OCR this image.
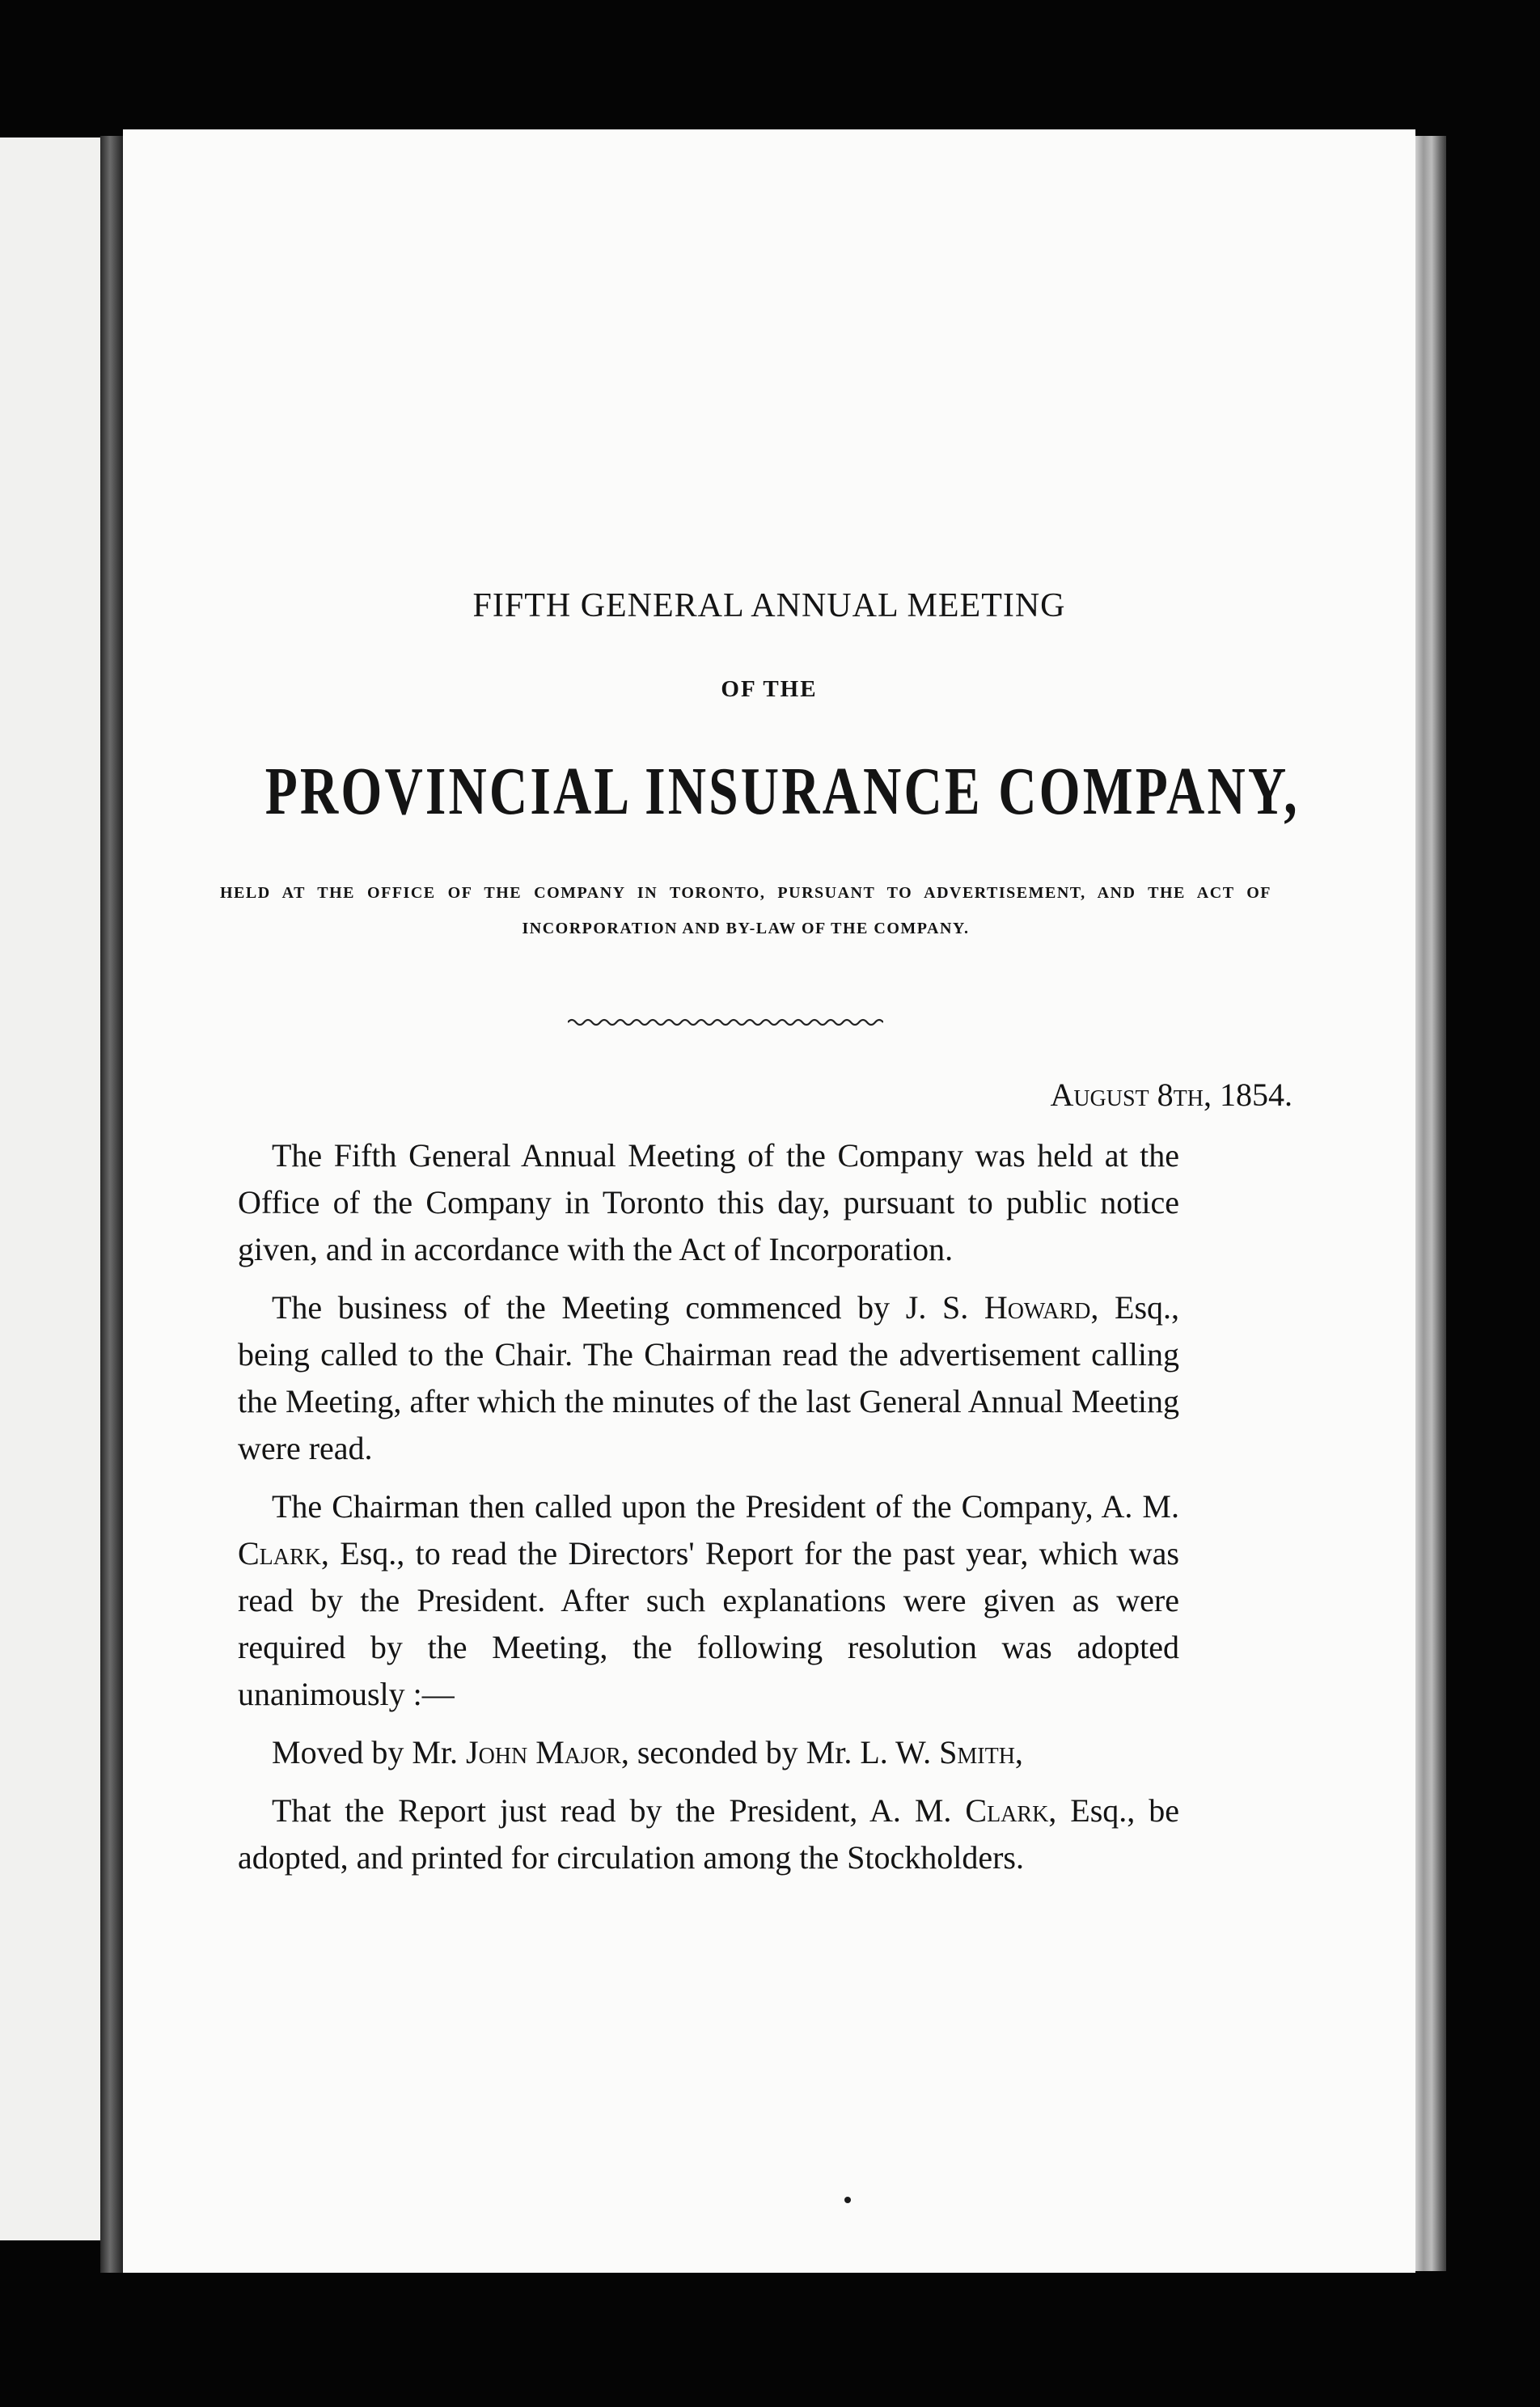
FIFTH GENERAL ANNUAL MEETING
OF THE
PROVINCIAL INSURANCE COMPANY,
HELD AT THE OFFICE OF THE COMPANY IN TORONTO, PURSUANT TO ADVERTISEMENT, AND THE ACT OF INCORPORATION AND BY-LAW OF THE COMPANY.
August 8th, 1854.

The Fifth General Annual Meeting of the Company was held at the Office of the Company in Toronto this day, pursuant to public notice given, and in accordance with the Act of Incorporation.

The business of the Meeting commenced by J. S. Howard, Esq., being called to the Chair. The Chairman read the advertisement calling the Meeting, after which the minutes of the last General Annual Meeting were read.

The Chairman then called upon the President of the Company, A. M. Clark, Esq., to read the Directors' Report for the past year, which was read by the President. After such explanations were given as were required by the Meeting, the following resolution was adopted unanimously :—

Moved by Mr. John Major, seconded by Mr. L. W. Smith,

That the Report just read by the President, A. M. Clark, Esq., be adopted, and printed for circulation among the Stockholders.
